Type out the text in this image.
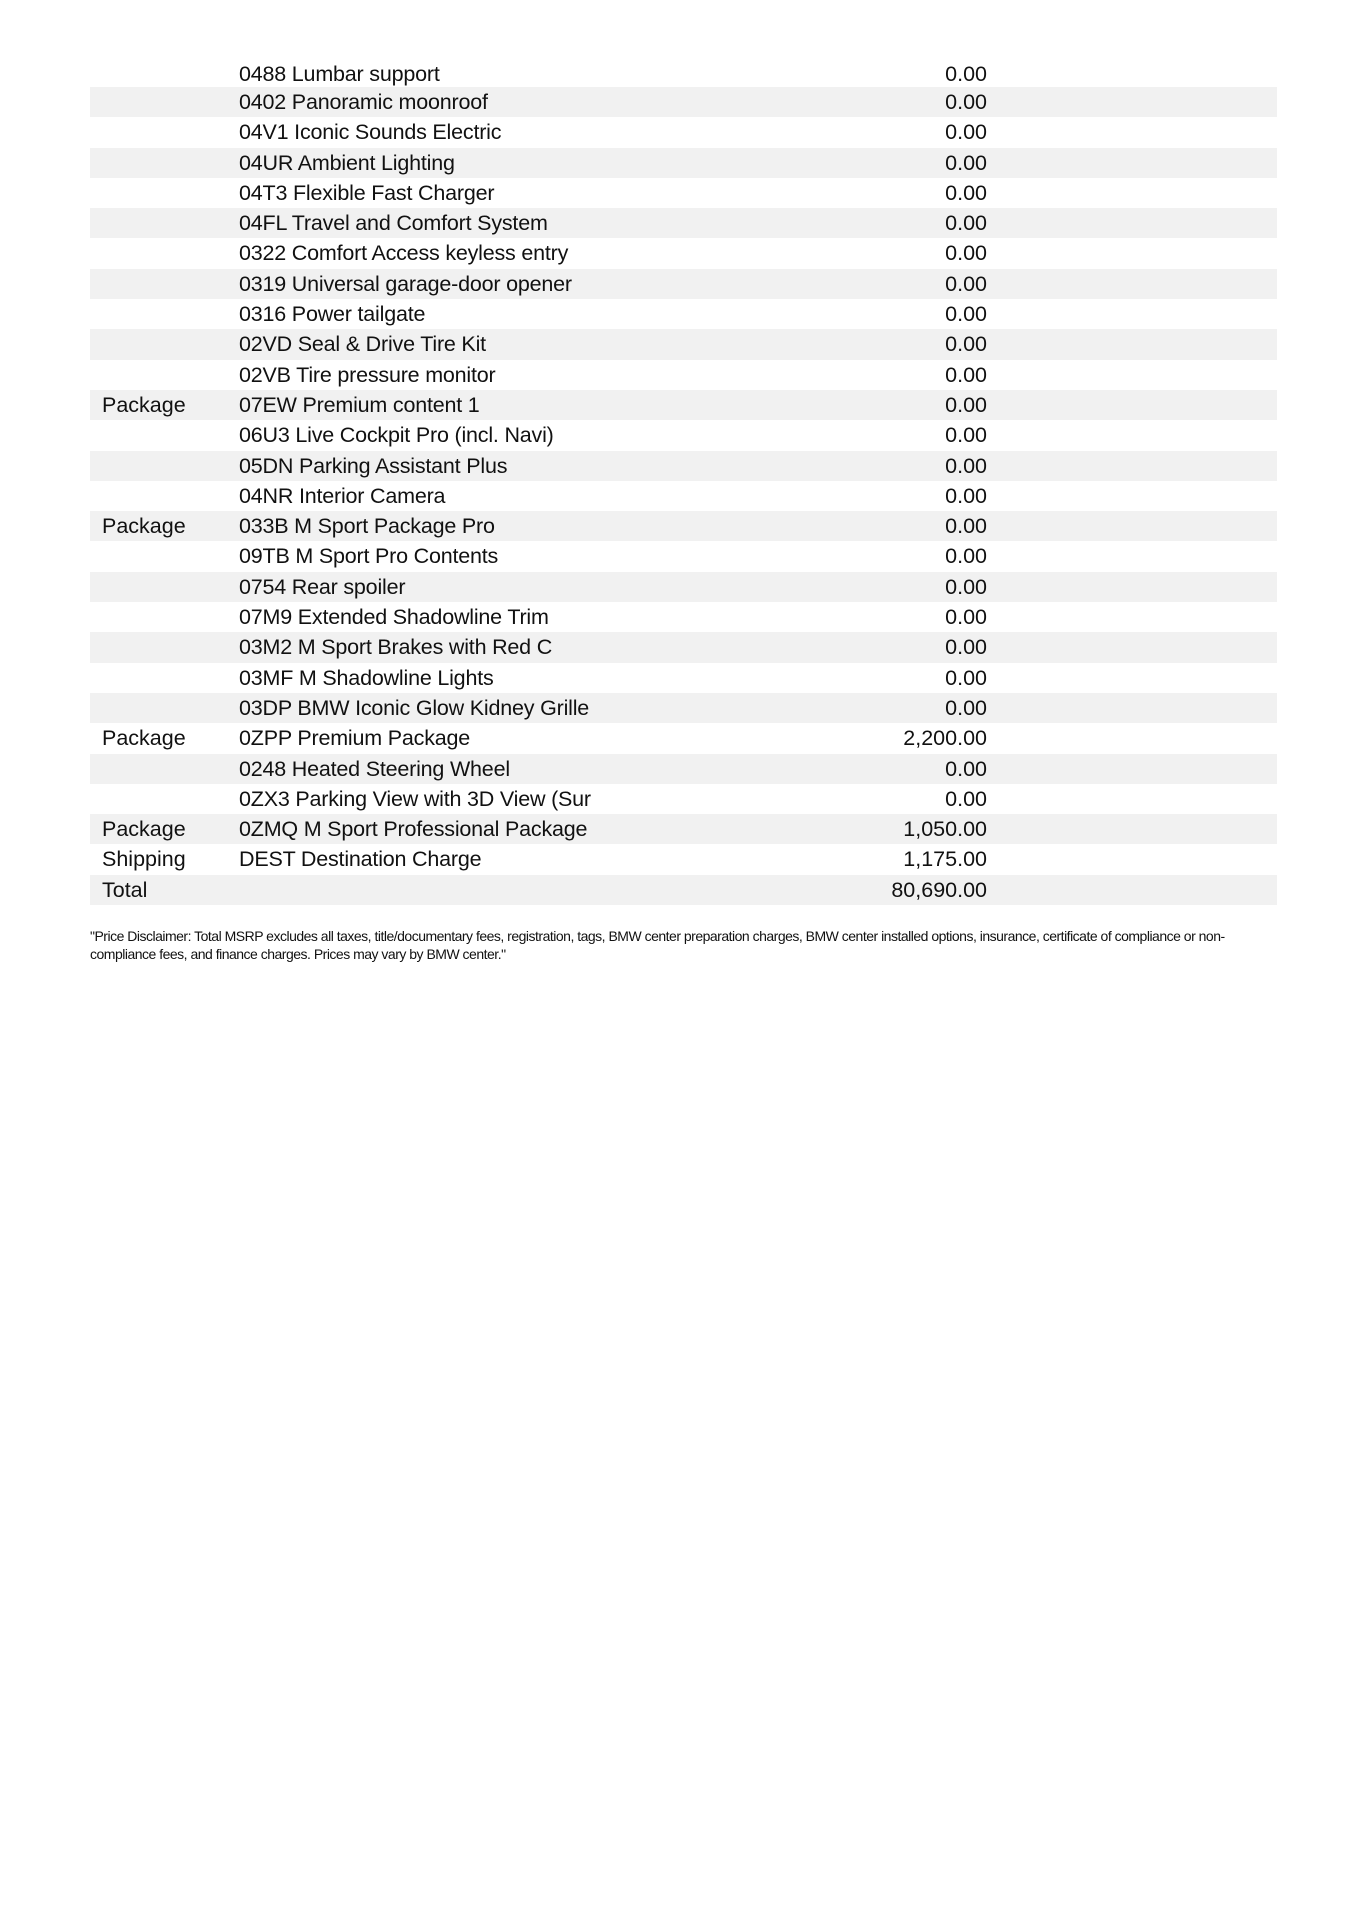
0488 Lumbar support	0.00
0402 Panoramic moonroof	0.00
04V1 Iconic Sounds Electric	0.00
04UR Ambient Lighting	0.00
04T3 Flexible Fast Charger	0.00
04FL Travel and Comfort System	0.00
0322 Comfort Access keyless entry	0.00
0319 Universal garage-door opener	0.00
0316 Power tailgate	0.00
02VD Seal & Drive Tire Kit	0.00
02VB Tire pressure monitor	0.00
Package 07EW Premium content 1	0.00
06U3 Live Cockpit Pro (incl. Navi)	0.00
05DN Parking Assistant Plus	0.00
04NR Interior Camera	0.00
Package 033B M Sport Package Pro	0.00
09TB M Sport Pro Contents	0.00
0754 Rear spoiler	0.00
07M9 Extended Shadowline Trim	0.00
03M2 M Sport Brakes with Red C	0.00
03MF M Shadowline Lights	0.00
03DP BMW Iconic Glow Kidney Grille	0.00
Package 0ZPP Premium Package	2,200.00
0248 Heated Steering Wheel	0.00
0ZX3 Parking View with 3D View (Sur	0.00
Package 0ZMQ M Sport Professional Package	1,050.00
Shipping DEST Destination Charge	1,175.00
Total	80,690.00
"Price Disclaimer: Total MSRP excludes all taxes, title/documentary fees, registration, tags, BMW center preparation charges, BMW center installed options, insurance, certificate of compliance or non-compliance fees, and finance charges. Prices may vary by BMW center."
